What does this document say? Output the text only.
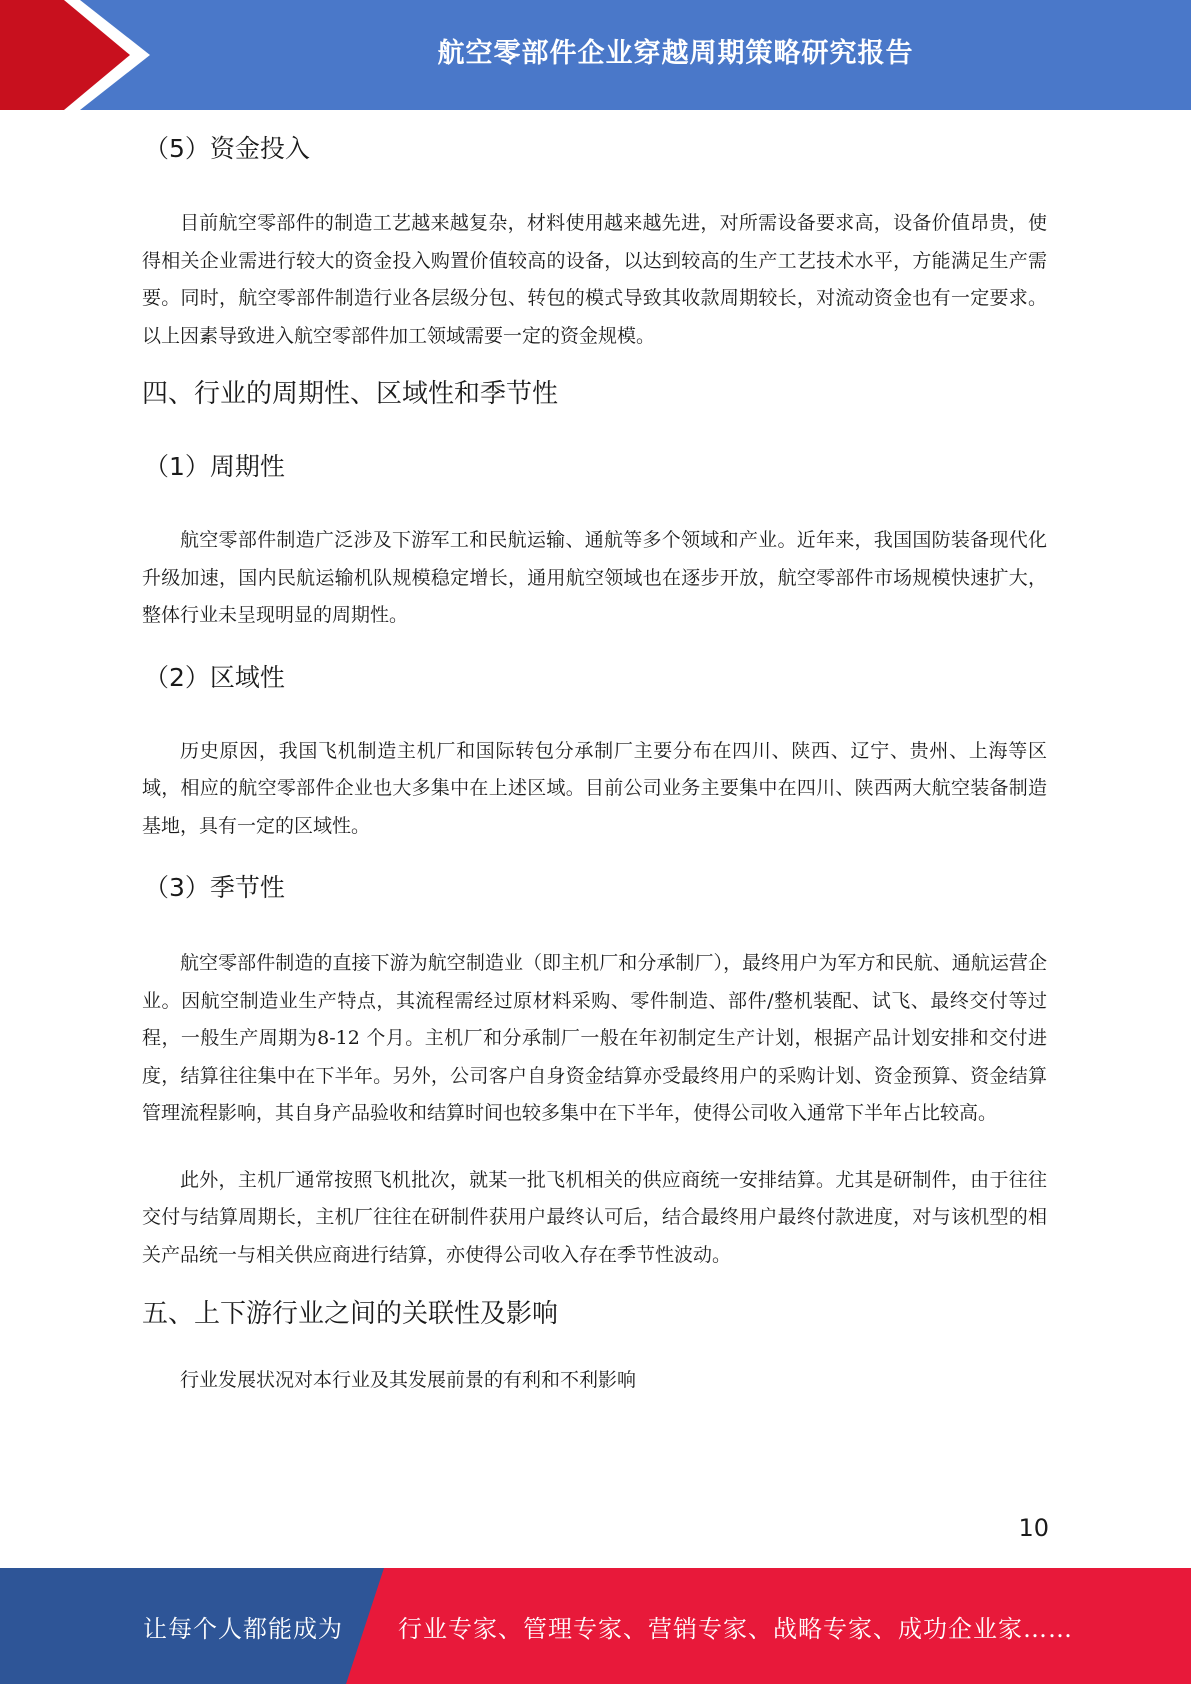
航空零部件企业穿越周期策略研究报告
（5）资金投入

目前航空零部件的制造工艺越来越复杂，材料使用越来越先进，对所需设备要求高，设备价值昂贵，使得相关企业需进行较大的资金投入购置价值较高的设备，以达到较高的生产工艺技术水平，方能满足生产需要。同时，航空零部件制造行业各层级分包、转包的模式导致其收款周期较长，对流动资金也有一定要求。以上因素导致进入航空零部件加工领域需要一定的资金规模。

四、行业的周期性、区域性和季节性
（1）周期性

航空零部件制造广泛涉及下游军工和民航运输、通航等多个领域和产业。近年来，我国国防装备现代化升级加速，国内民航运输机队规模稳定增长，通用航空领域也在逐步开放，航空零部件市场规模快速扩大，整体行业未呈现明显的周期性。

（2）区域性

历史原因，我国飞机制造主机厂和国际转包分承制厂主要分布在四川、陕西、辽宁、贵州、上海等区域，相应的航空零部件企业也大多集中在上述区域。目前公司业务主要集中在四川、陕西两大航空装备制造基地，具有一定的区域性。

（3）季节性

航空零部件制造的直接下游为航空制造业（即主机厂和分承制厂），最终用户为军方和民航、通航运营企业。因航空制造业生产特点，其流程需经过原材料采购、零件制造、部件/整机装配、试飞、最终交付等过程，一般生产周期为8-12 个月。主机厂和分承制厂一般在年初制定生产计划，根据产品计划安排和交付进度，结算往往集中在下半年。另外，公司客户自身资金结算亦受最终用户的采购计划、资金预算、资金结算管理流程影响，其自身产品验收和结算时间也较多集中在下半年，使得公司收入通常下半年占比较高。

此外，主机厂通常按照飞机批次，就某一批飞机相关的供应商统一安排结算。尤其是研制件，由于往往交付与结算周期长，主机厂往往在研制件获用户最终认可后，结合最终用户最终付款进度，对与该机型的相关产品统一与相关供应商进行结算，亦使得公司收入存在季节性波动。

五、上下游行业之间的关联性及影响

行业发展状况对本行业及其发展前景的有利和不利影响

10
让每个人都能成为 行业专家、管理专家、营销专家、战略专家、成功企业家……
